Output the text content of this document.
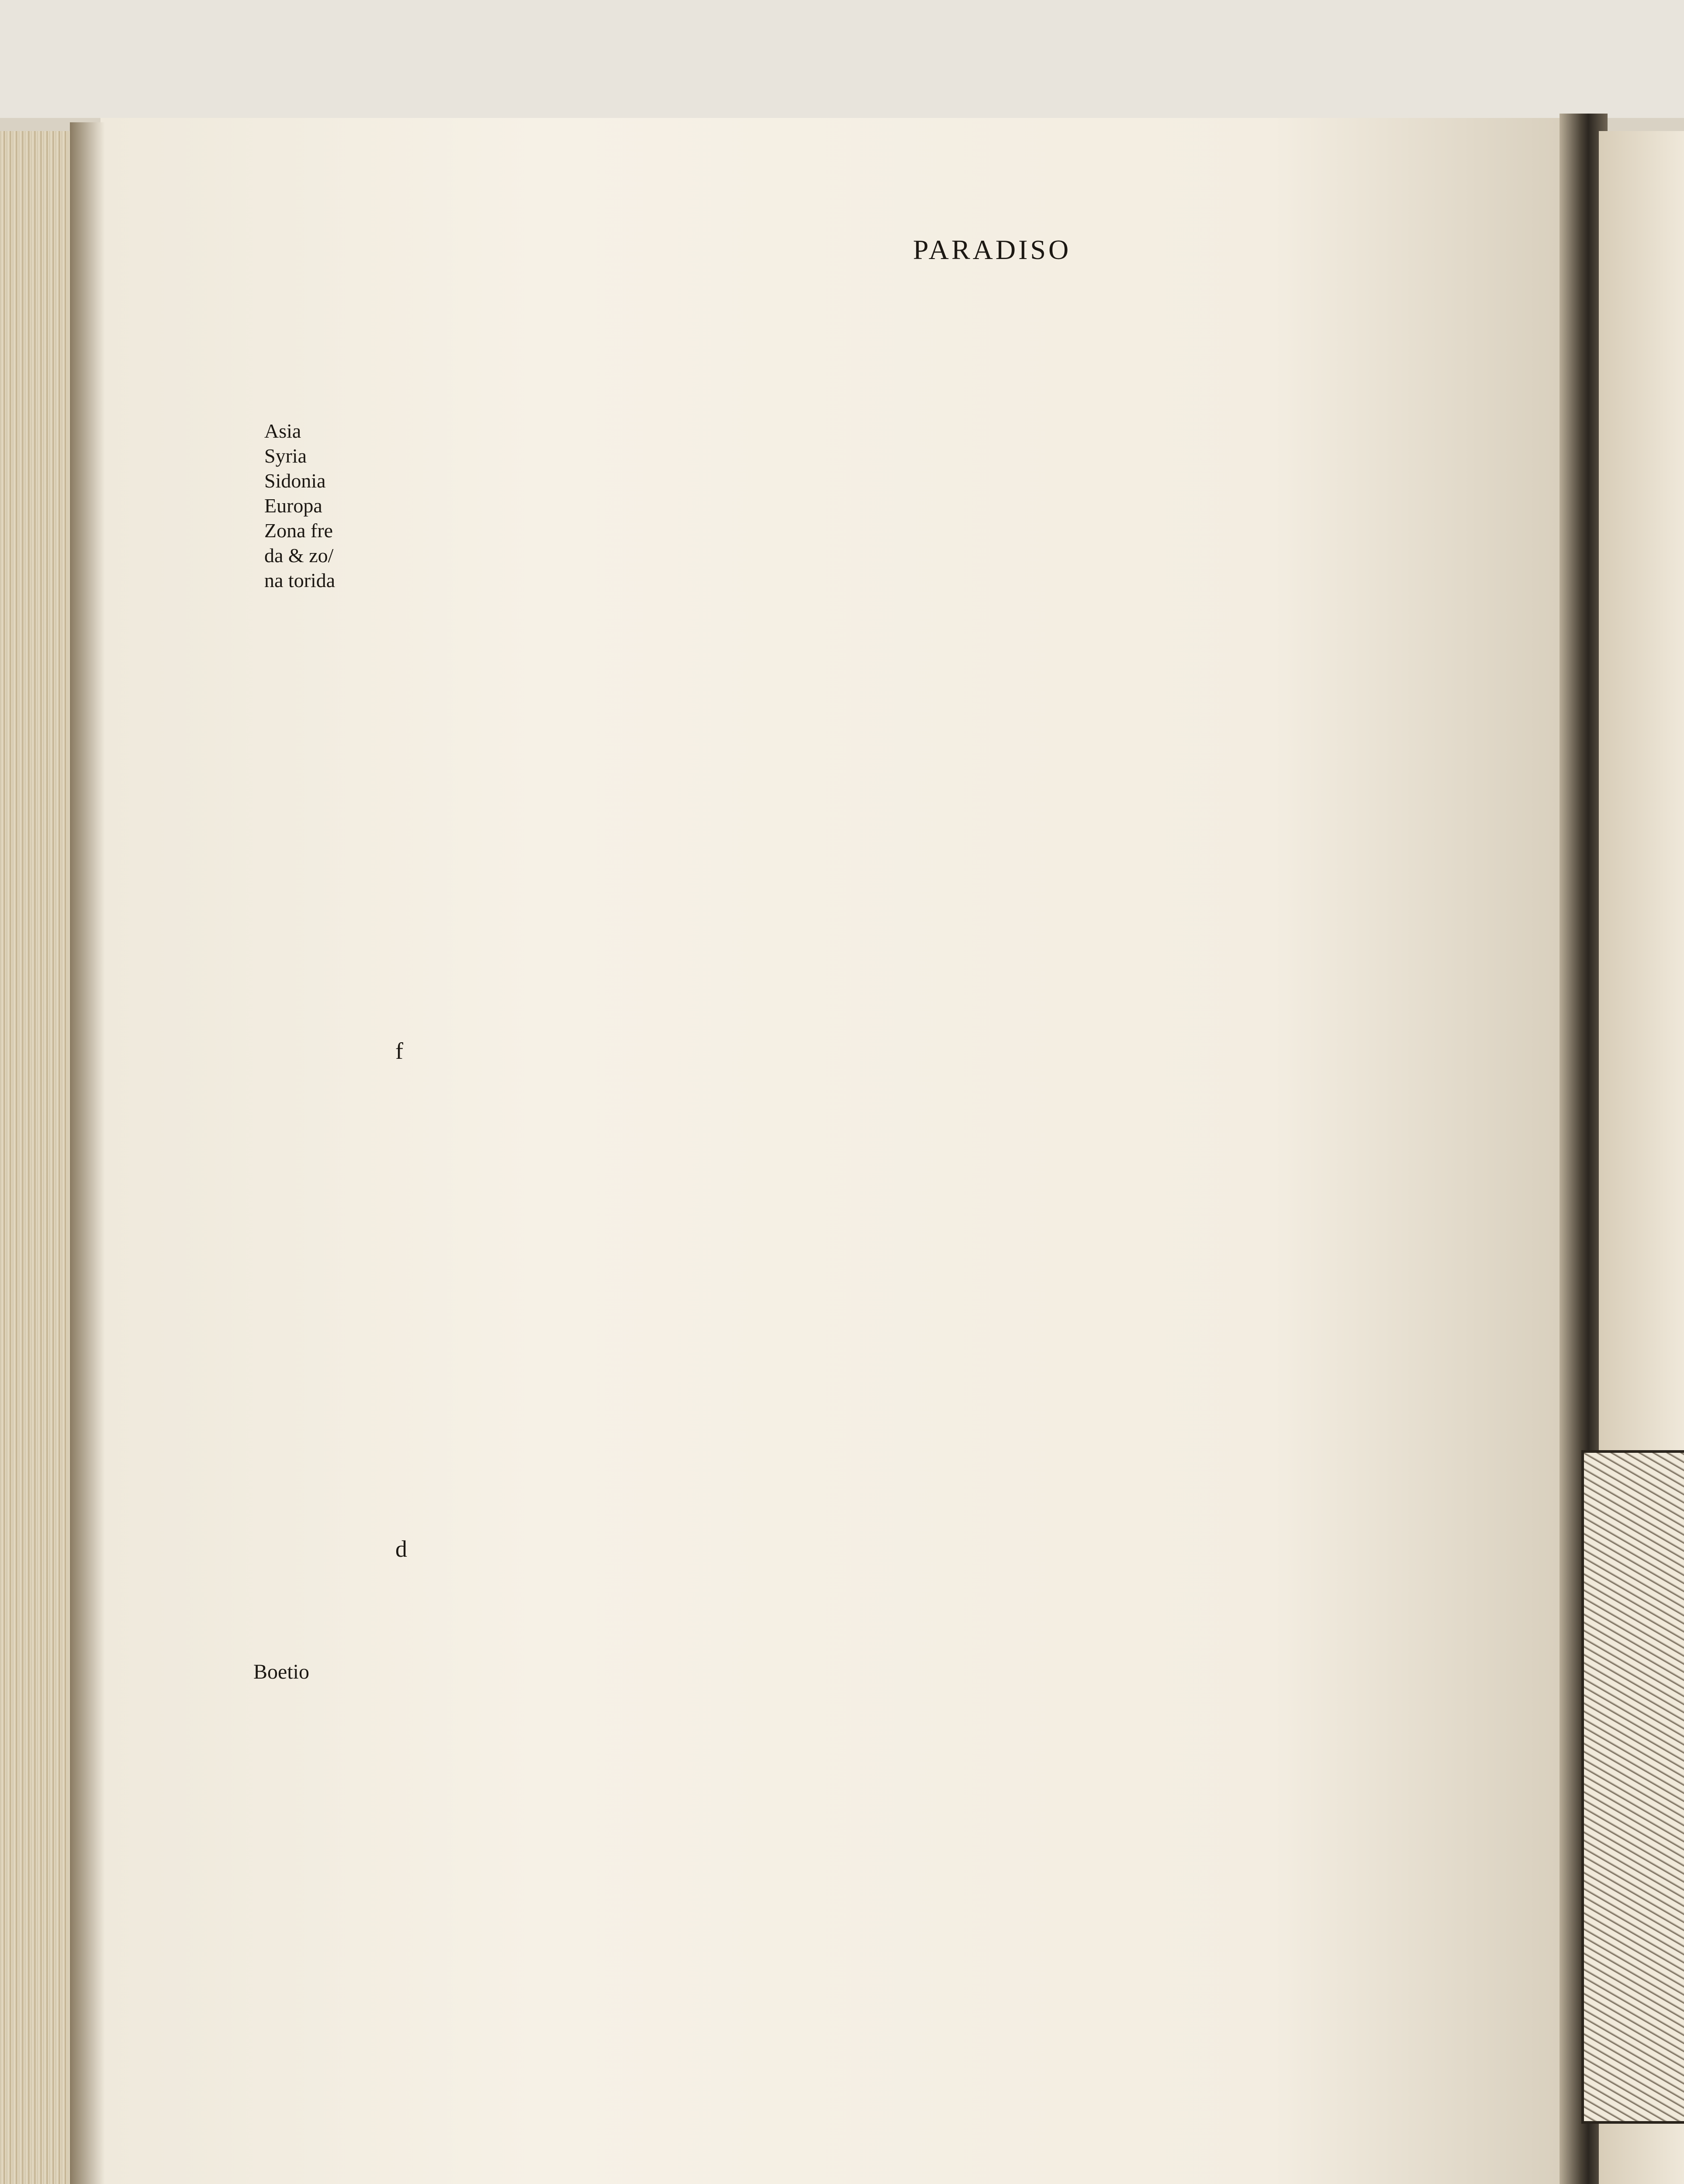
PARADISO
Asia
Syria
Sidonia
Europa
Zona fre
da & zo/
na torida
Boetio
f
d
